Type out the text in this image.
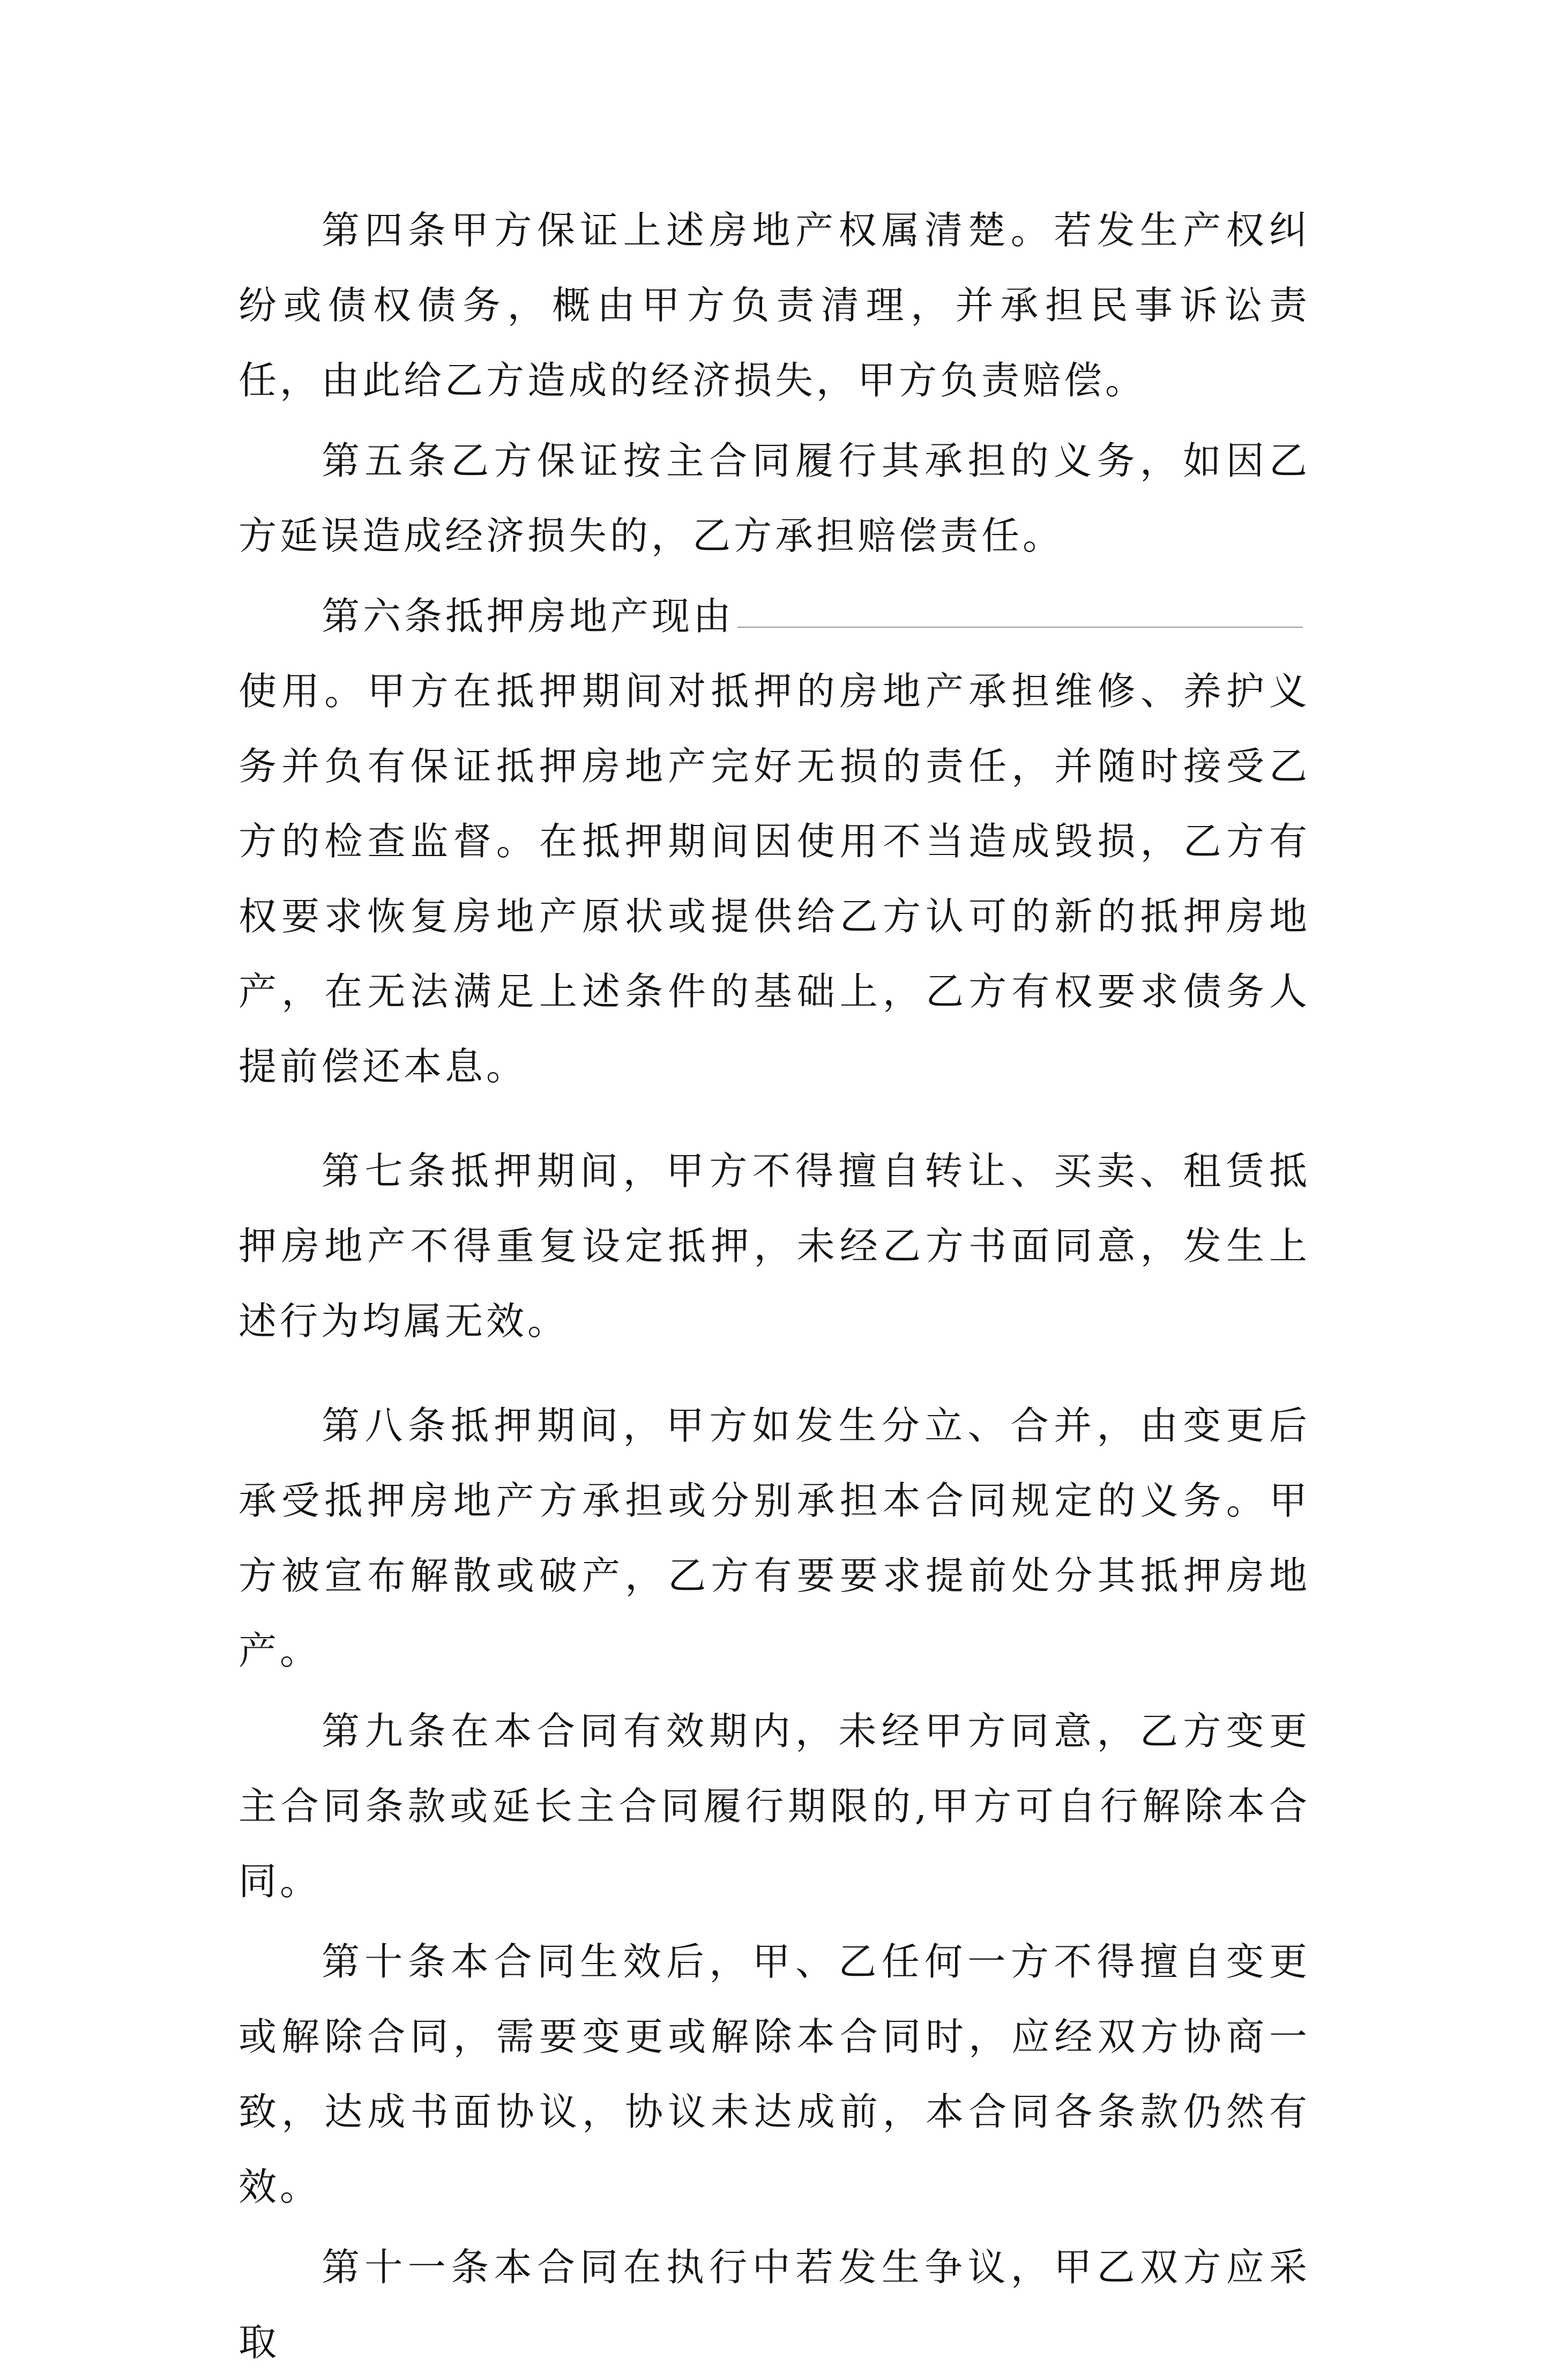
第四条甲方保证上述房地产权属清楚。若发生产权纠纷或债权债务，概由甲方负责清理，并承担民事诉讼责任，由此给乙方造成的经济损失，甲方负责赔偿。

第五条乙方保证按主合同履行其承担的义务，如因乙方延误造成经济损失的，乙方承担赔偿责任。

第六条抵押房地产现由

使用。甲方在抵押期间对抵押的房地产承担维修、养护义务并负有保证抵押房地产完好无损的责任，并随时接受乙方的检查监督。在抵押期间因使用不当造成毁损，乙方有权要求恢复房地产原状或提供给乙方认可的新的抵押房地产，在无法满足上述条件的基础上，乙方有权要求债务人提前偿还本息。

第七条抵押期间，甲方不得擅自转让、买卖、租赁抵押房地产不得重复设定抵押，未经乙方书面同意，发生上述行为均属无效。

第八条抵押期间，甲方如发生分立、合并，由变更后承受抵押房地产方承担或分别承担本合同规定的义务。甲方被宣布解散或破产，乙方有要要求提前处分其抵押房地产。

第九条在本合同有效期内，未经甲方同意，乙方变更主合同条款或延长主合同履行期限的,甲方可自行解除本合同。

第十条本合同生效后，甲、乙任何一方不得擅自变更或解除合同，需要变更或解除本合同时，应经双方协商一致，达成书面协议，协议未达成前，本合同各条款仍然有效。

第十一条本合同在执行中若发生争议，甲乙双方应采取
